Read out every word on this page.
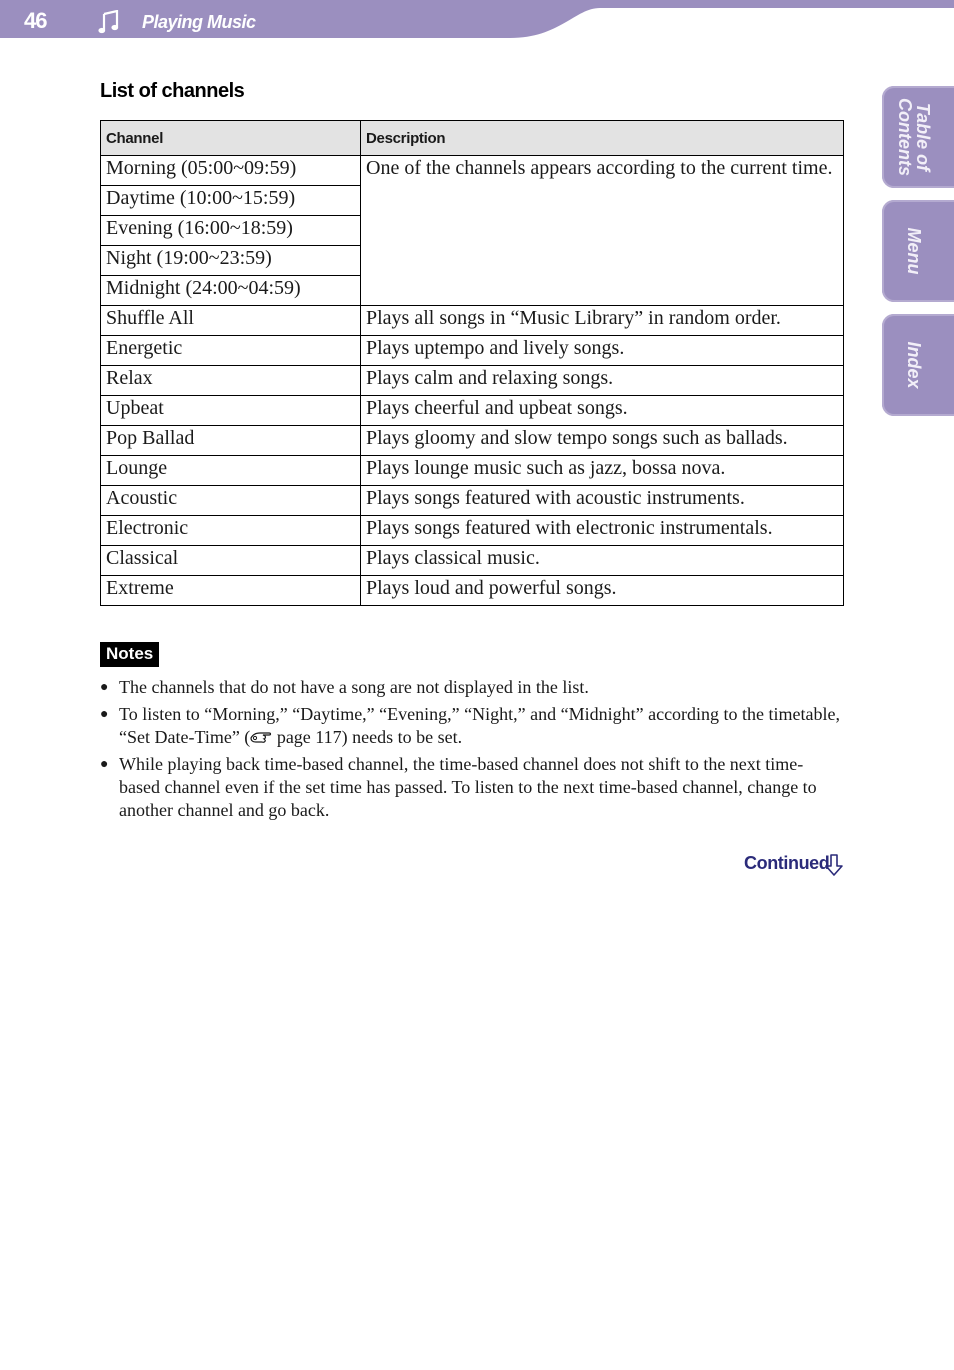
46	Playing Music
Table of
Contents
Menu
Index
List of channels
Channel	Description
Morning (05:00~09:59)	One of the channels appears according to the current time.
Daytime (10:00~15:59)	
Evening (16:00~18:59)	
Night (19:00~23:59)	
Midnight (24:00~04:59)	
Shuffle All	Plays all songs in “Music Library” in random order.
Energetic	Plays uptempo and lively songs.
Relax	Plays calm and relaxing songs.
Upbeat	Plays cheerful and upbeat songs.
Pop Ballad	Plays gloomy and slow tempo songs such as ballads.
Lounge	Plays lounge music such as jazz, bossa nova.
Acoustic	Plays songs featured with acoustic instruments.
Electronic	Plays songs featured with electronic instrumentals.
Classical	Plays classical music.
Extreme	Plays loud and powerful songs.
Notes
● The channels that do not have a song are not displayed in the list.
● To listen to “Morning,” “Daytime,” “Evening,” “Night,” and “Midnight” according to the timetable, “Set Date-Time” ( page 117) needs to be set.
● While playing back time-based channel, the time-based channel does not shift to the next time-based channel even if the set time has passed. To listen to the next time-based channel, change to another channel and go back.
Continued
